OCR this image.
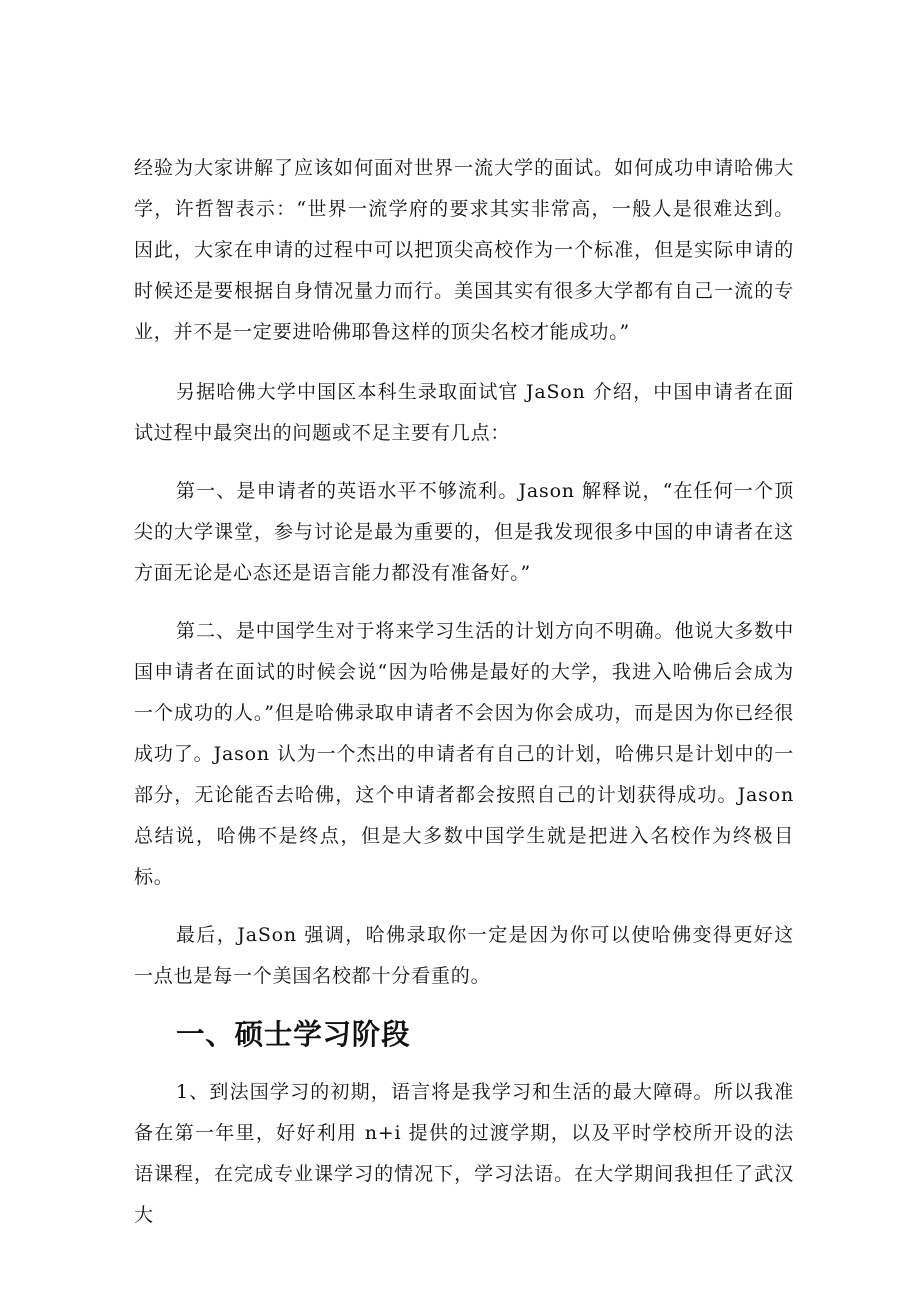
经验为大家讲解了应该如何面对世界一流大学的面试。如何成功申请哈佛大学，许哲智表示：“世界一流学府的要求其实非常高，一般人是很难达到。因此，大家在申请的过程中可以把顶尖高校作为一个标准，但是实际申请的时候还是要根据自身情况量力而行。美国其实有很多大学都有自己一流的专业，并不是一定要进哈佛耶鲁这样的顶尖名校才能成功。”

另据哈佛大学中国区本科生录取面试官 JaSon 介绍，中国申请者在面试过程中最突出的问题或不足主要有几点：

第一、是申请者的英语水平不够流利。Jason 解释说，“在任何一个顶尖的大学课堂，参与讨论是最为重要的，但是我发现很多中国的申请者在这方面无论是心态还是语言能力都没有准备好。”

第二、是中国学生对于将来学习生活的计划方向不明确。他说大多数中国申请者在面试的时候会说“因为哈佛是最好的大学，我进入哈佛后会成为一个成功的人。”但是哈佛录取申请者不会因为你会成功，而是因为你已经很成功了。Jason 认为一个杰出的申请者有自己的计划，哈佛只是计划中的一部分，无论能否去哈佛，这个申请者都会按照自己的计划获得成功。Jason 总结说，哈佛不是终点，但是大多数中国学生就是把进入名校作为终极目标。

最后，JaSon 强调，哈佛录取你一定是因为你可以使哈佛变得更好这一点也是每一个美国名校都十分看重的。

一、硕士学习阶段

1、到法国学习的初期，语言将是我学习和生活的最大障碍。所以我准备在第一年里，好好利用 n+i 提供的过渡学期，以及平时学校所开设的法语课程，在完成专业课学习的情况下，学习法语。在大学期间我担任了武汉大
